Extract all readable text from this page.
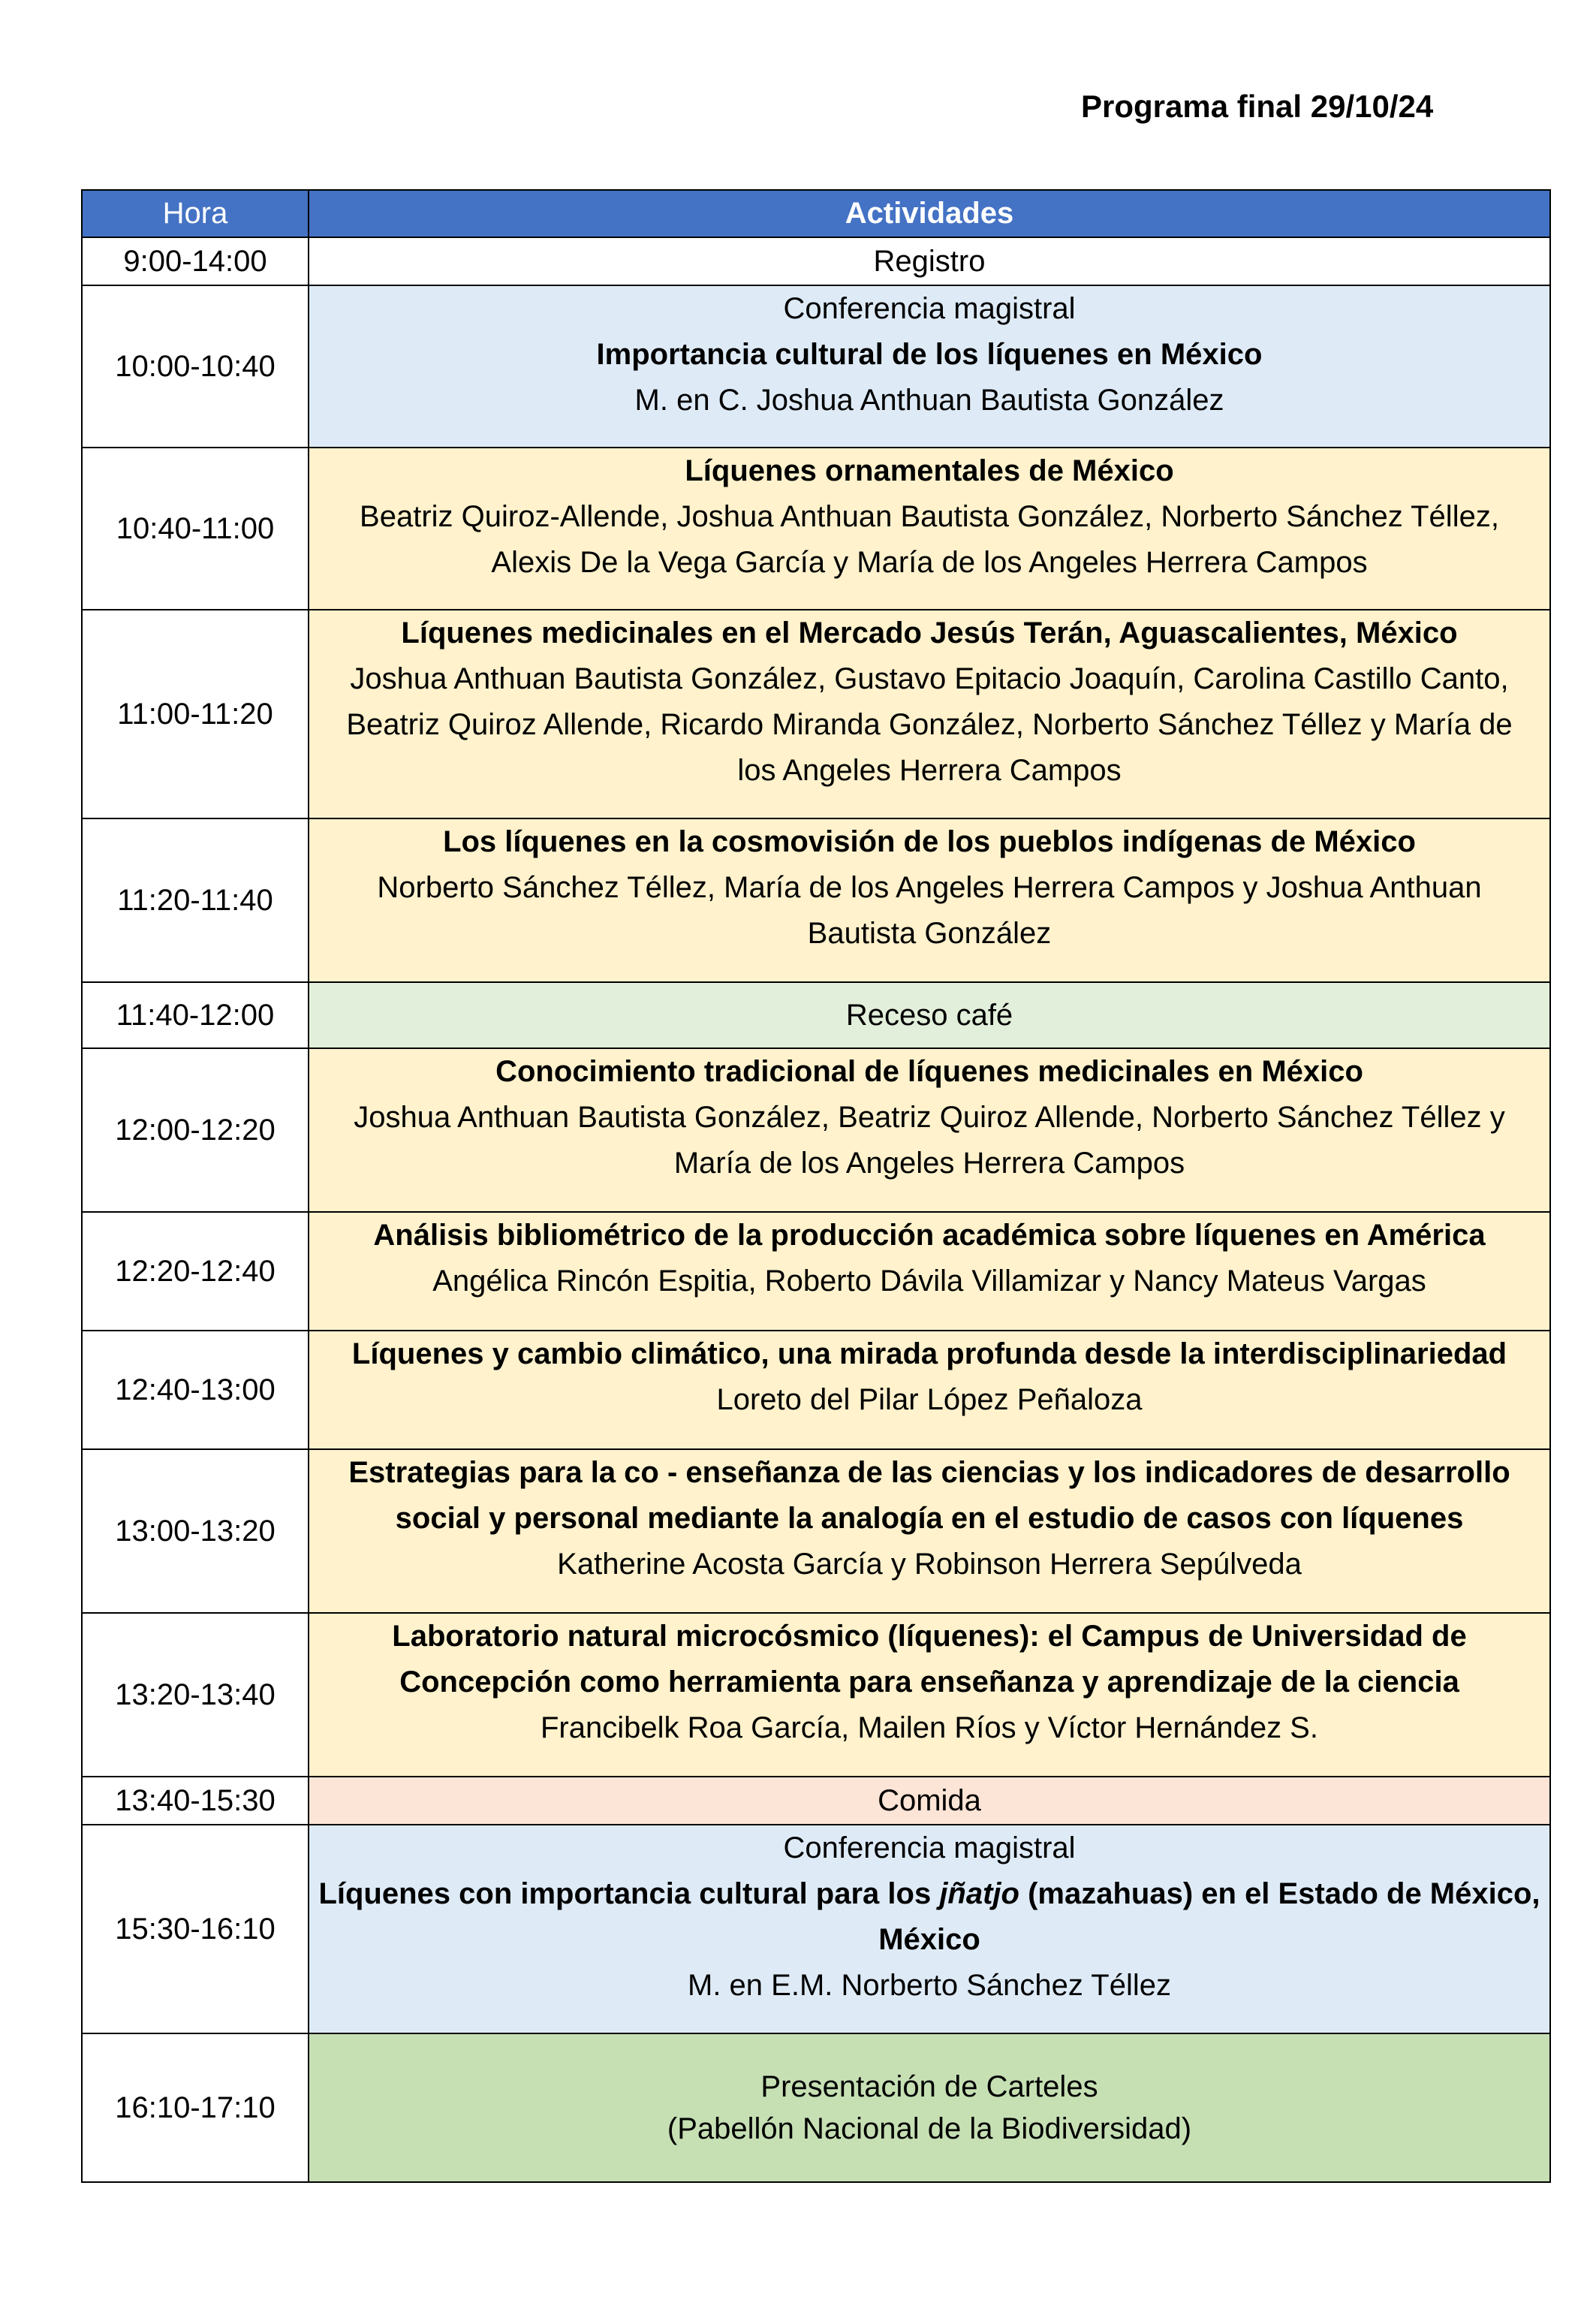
Programa final 29/10/24
Hora	Actividades
9:00-14:00	Registro

10:00-10:40	Conferencia magistral
Importancia cultural de los líquenes en México
M. en C. Joshua Anthuan Bautista González

10:40-11:00	Líquenes ornamentales de México
Beatriz Quiroz-Allende, Joshua Anthuan Bautista González, Norberto Sánchez Téllez,
Alexis De la Vega García y María de los Angeles Herrera Campos

11:00-11:20	Líquenes medicinales en el Mercado Jesús Terán, Aguascalientes, México
Joshua Anthuan Bautista González, Gustavo Epitacio Joaquín, Carolina Castillo Canto,
Beatriz Quiroz Allende, Ricardo Miranda González, Norberto Sánchez Téllez y María de
los Angeles Herrera Campos

11:20-11:40	Los líquenes en la cosmovisión de los pueblos indígenas de México
Norberto Sánchez Téllez, María de los Angeles Herrera Campos y Joshua Anthuan
Bautista González

11:40-12:00	Receso café

12:00-12:20	Conocimiento tradicional de líquenes medicinales en México
Joshua Anthuan Bautista González, Beatriz Quiroz Allende, Norberto Sánchez Téllez y
María de los Angeles Herrera Campos

12:20-12:40	Análisis bibliométrico de la producción académica sobre líquenes en América
Angélica Rincón Espitia, Roberto Dávila Villamizar y Nancy Mateus Vargas

12:40-13:00	Líquenes y cambio climático, una mirada profunda desde la interdisciplinariedad
Loreto del Pilar López Peñaloza

13:00-13:20	Estrategias para la co - enseñanza de las ciencias y los indicadores de desarrollo
social y personal mediante la analogía en el estudio de casos con líquenes
Katherine Acosta García y Robinson Herrera Sepúlveda

13:20-13:40	Laboratorio natural microcósmico (líquenes): el Campus de Universidad de
Concepción como herramienta para enseñanza y aprendizaje de la ciencia
Francibelk Roa García, Mailen Ríos y Víctor Hernández S.

13:40-15:30	Comida

15:30-16:10	Conferencia magistral
Líquenes con importancia cultural para los jñatjo (mazahuas) en el Estado de México,
México
M. en E.M. Norberto Sánchez Téllez

16:10-17:10	Presentación de Carteles
(Pabellón Nacional de la Biodiversidad)
